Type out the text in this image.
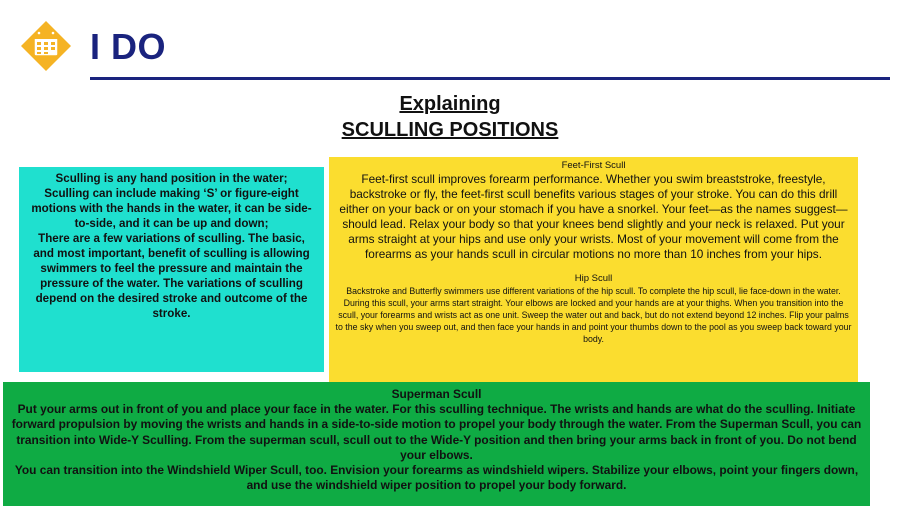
I DO
Explaining
SCULLING POSITIONS
Sculling is any hand position in the water;
Sculling can include making ‘S’ or figure-eight motions with the hands in the water, it can be side-to-side, and it can be up and down;
There are a few variations of sculling. The basic, and most important, benefit of sculling is allowing swimmers to feel the pressure and maintain the pressure of the water. The variations of sculling depend on the desired stroke and outcome of the stroke.
Feet-First Scull
Feet-first scull improves forearm performance. Whether you swim breaststroke, freestyle, backstroke or fly, the feet-first scull benefits various stages of your stroke. You can do this drill either on your back or on your stomach if you have a snorkel. Your feet—as the names suggest—should lead. Relax your body so that your knees bend slightly and your neck is relaxed. Put your arms straight at your hips and use only your wrists. Most of your movement will come from the forearms as your hands scull in circular motions no more than 10 inches from your hips.
Hip Scull
Backstroke and Butterfly swimmers use different variations of the hip scull. To complete the hip scull, lie face-down in the water. During this scull, your arms start straight. Your elbows are locked and your hands are at your thighs. When you transition into the scull, your forearms and wrists act as one unit. Sweep the water out and back, but do not extend beyond 12 inches. Flip your palms to the sky when you sweep out, and then face your hands in and point your thumbs down to the pool as you sweep back toward your body.
Superman Scull
Put your arms out in front of you and place your face in the water. For this sculling technique. The wrists and hands are what do the sculling. Initiate forward propulsion by moving the wrists and hands in a side-to-side motion to propel your body through the water. From the Superman Scull, you can transition into Wide-Y Sculling. From the superman scull, scull out to the Wide-Y position and then bring your arms back in front of you. Do not bend your elbows.
You can transition into the Windshield Wiper Scull, too. Envision your forearms as windshield wipers. Stabilize your elbows, point your fingers down, and use the windshield wiper position to propel your body forward.
